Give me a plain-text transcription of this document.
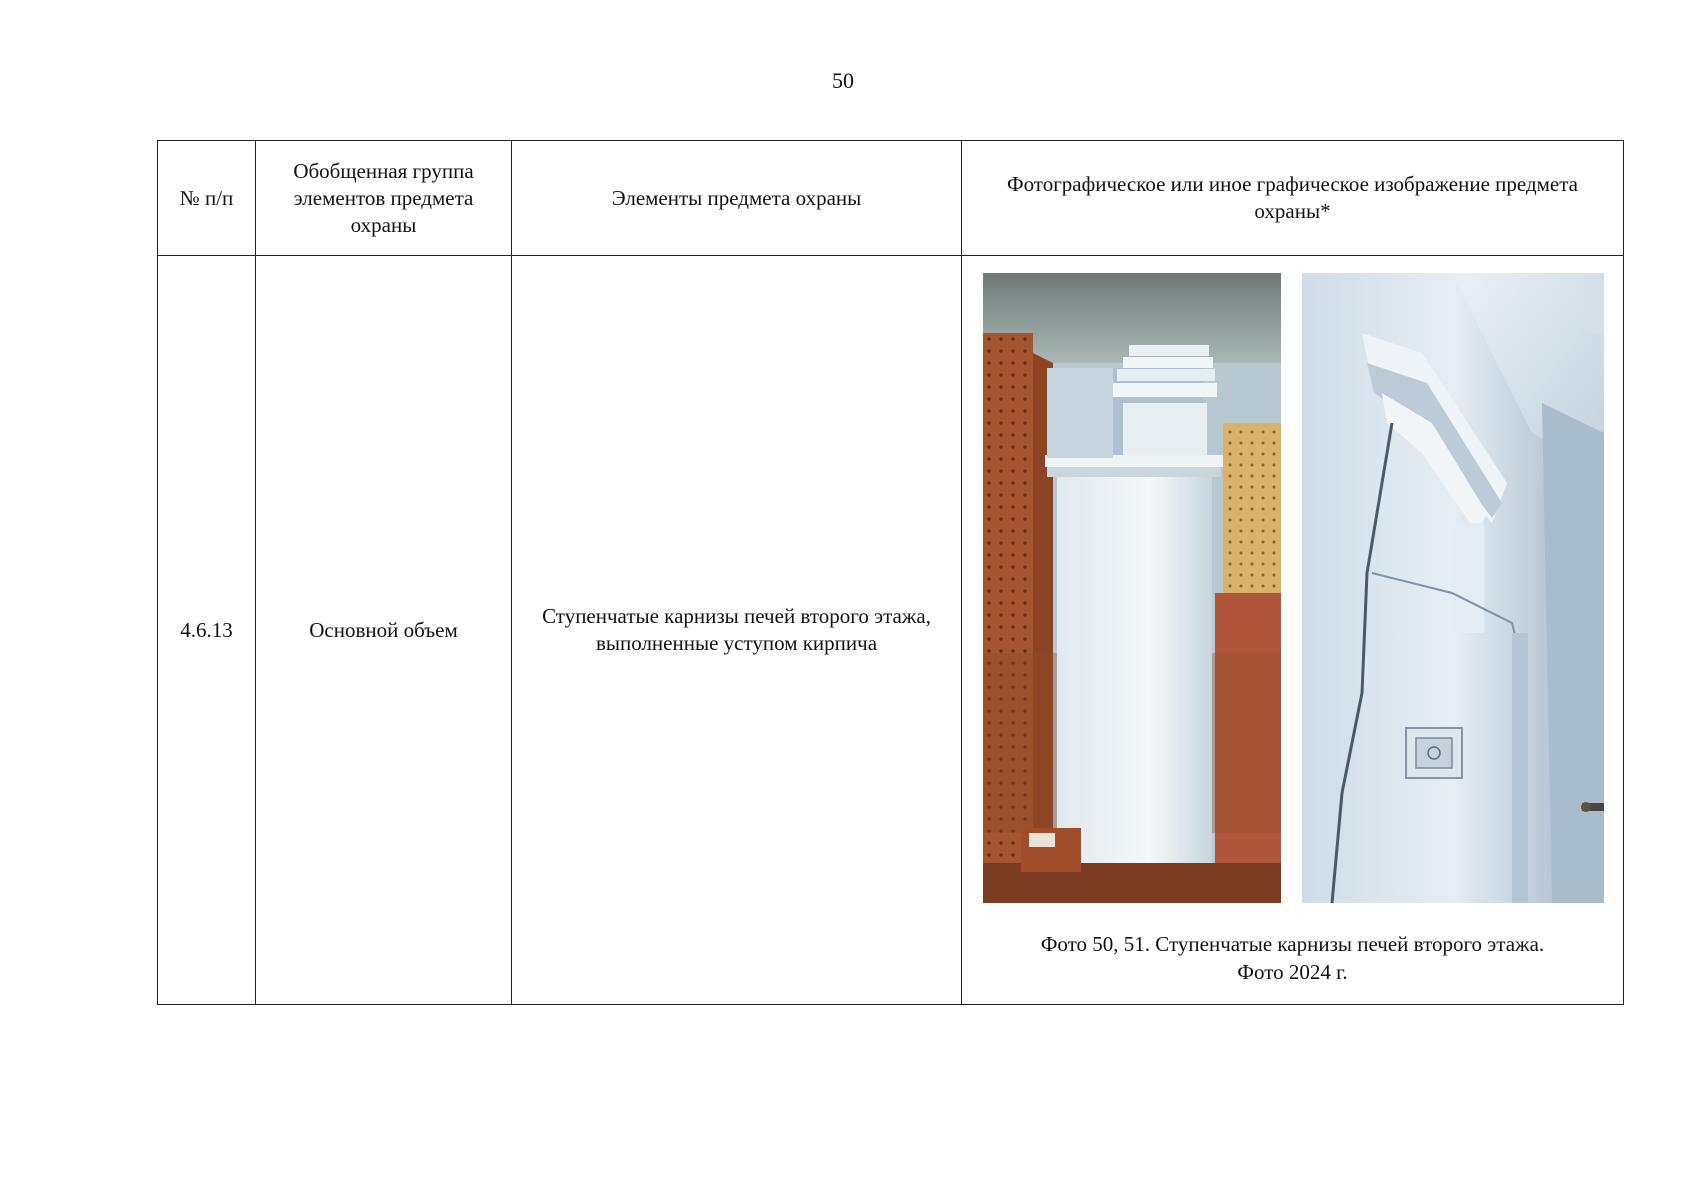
50
№ п/п	Обобщенная группа элементов предмета охраны	Элементы предмета охраны	Фотографическое или иное графическое изображение предмета охраны*
4.6.13	Основной объем	Ступенчатые карнизы печей второго этажа, выполненные уступом кирпича	Фото 50, 51. Ступенчатые карнизы печей второго этажа.
Фото 2024 г.
